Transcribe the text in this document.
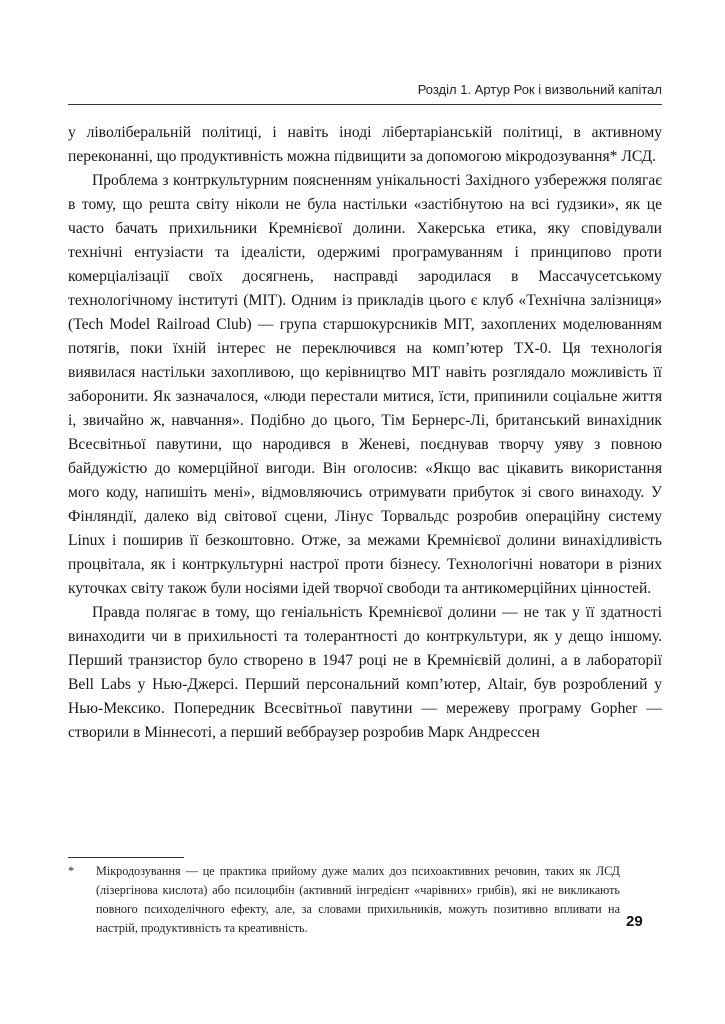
Розділ 1. Артур Рок і визвольний капітал

у ліволіберальній політиці, і навіть іноді лібертаріанській політиці, в активному переконанні, що продуктивність можна підвищити за допомогою мікродозування* ЛСД.

Проблема з контркультурним поясненням унікальності Західного узбережжя полягає в тому, що решта світу ніколи не була настільки «застібнутою на всі ґудзики», як це часто бачать прихильники Кремнієвої долини. Хакерська етика, яку сповідували технічні ентузіасти та ідеалісти, одержимі програмуванням і принципово проти комерціалізації своїх досягнень, насправді зародилася в Массачусетському технологічному інституті (MIT). Одним із прикладів цього є клуб «Технічна залізниця» (Tech Model Railroad Club) — група старшокурсників MIT, захоплених моделюванням потягів, поки їхній інтерес не переключився на комп’ютер TX-0. Ця технологія виявилася настільки захопливою, що керівництво MIT навіть розглядало можливість її заборонити. Як зазначалося, «люди перестали митися, їсти, припинили соціальне життя і, звичайно ж, навчання». Подібно до цього, Тім Бернерс-Лі, британський винахідник Всесвітньої павутини, що народився в Женеві, поєднував творчу уяву з повною байдужістю до комерційної вигоди. Він оголосив: «Якщо вас цікавить використання мого коду, напишіть мені», відмовляючись отримувати прибуток зі свого винаходу. У Фінляндії, далеко від світової сцени, Лінус Торвальдс розробив операційну систему Linux і поширив її безкоштовно. Отже, за межами Кремнієвої долини винахідливість процвітала, як і контркультурні настрої проти бізнесу. Технологічні новатори в різних куточках світу також були носіями ідей творчої свободи та антикомерційних цінностей.

Правда полягає в тому, що геніальність Кремнієвої долини — не так у її здатності винаходити чи в прихильності та толерантності до контркультури, як у дещо іншому. Перший транзистор було створено в 1947 році не в Кремнієвій долині, а в лабораторії Bell Labs у Нью-Джерсі. Перший персональний комп’ютер, Altair, був розроблений у Нью-Мексико. Попередник Всесвітньої павутини — мережеву програму Gopher — створили в Міннесоті, а перший веббраузер розробив Марк Андрессен

* Мікродозування — це практика прийому дуже малих доз психоактивних речовин, таких як ЛСД (лізергінова кислота) або псилоцибін (активний інгредієнт «чарівних» грибів), які не викликають повного психоделічного ефекту, але, за словами прихильників, можуть позитивно впливати на настрій, продуктивність та креативність.	29
